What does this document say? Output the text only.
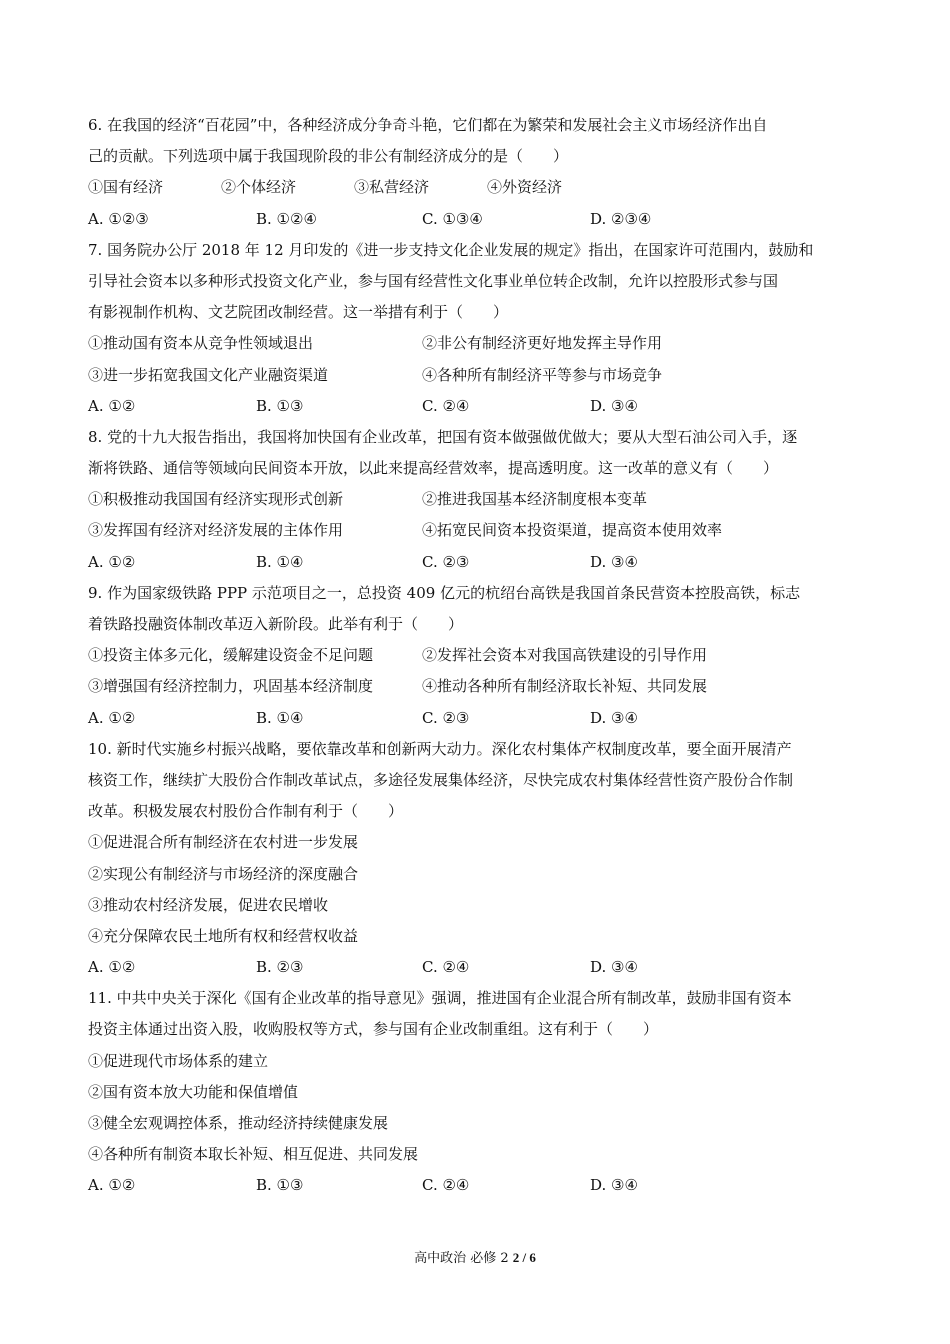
6. 在我国的经济“百花园”中，各种经济成分争奇斗艳，它们都在为繁荣和发展社会主义市场经济作出自
己的贡献。下列选项中属于我国现阶段的非公有制经济成分的是（　　）
①国有经济	②个体经济	③私营经济	④外资经济
A. ①②③	B. ①②④	C. ①③④	D. ②③④
7. 国务院办公厅 2018 年 12 月印发的《进一步支持文化企业发展的规定》指出，在国家许可范围内，鼓励和
引导社会资本以多种形式投资文化产业，参与国有经营性文化事业单位转企改制，允许以控股形式参与国
有影视制作机构、文艺院团改制经营。这一举措有利于（　　）
①推动国有资本从竞争性领域退出	②非公有制经济更好地发挥主导作用
③进一步拓宽我国文化产业融资渠道	④各种所有制经济平等参与市场竞争
A. ①②	B. ①③	C. ②④	D. ③④
8. 党的十九大报告指出，我国将加快国有企业改革，把国有资本做强做优做大；要从大型石油公司入手，逐
渐将铁路、通信等领域向民间资本开放，以此来提高经营效率，提高透明度。这一改革的意义有（　　）
①积极推动我国国有经济实现形式创新	②推进我国基本经济制度根本变革
③发挥国有经济对经济发展的主体作用	④拓宽民间资本投资渠道，提高资本使用效率
A. ①②	B. ①④	C. ②③	D. ③④
9. 作为国家级铁路 PPP 示范项目之一，总投资 409 亿元的杭绍台高铁是我国首条民营资本控股高铁，标志
着铁路投融资体制改革迈入新阶段。此举有利于（　　）
①投资主体多元化，缓解建设资金不足问题	②发挥社会资本对我国高铁建设的引导作用
③增强国有经济控制力，巩固基本经济制度	④推动各种所有制经济取长补短、共同发展
A. ①②	B. ①④	C. ②③	D. ③④
10. 新时代实施乡村振兴战略，要依靠改革和创新两大动力。深化农村集体产权制度改革，要全面开展清产
核资工作，继续扩大股份合作制改革试点，多途径发展集体经济，尽快完成农村集体经营性资产股份合作制
改革。积极发展农村股份合作制有利于（　　）
①促进混合所有制经济在农村进一步发展
②实现公有制经济与市场经济的深度融合
③推动农村经济发展，促进农民增收
④充分保障农民土地所有权和经营权收益
A. ①②	B. ②③	C. ②④	D. ③④
11. 中共中央关于深化《国有企业改革的指导意见》强调，推进国有企业混合所有制改革，鼓励非国有资本
投资主体通过出资入股，收购股权等方式，参与国有企业改制重组。这有利于（　　）
①促进现代市场体系的建立
②国有资本放大功能和保值增值
③健全宏观调控体系，推动经济持续健康发展
④各种所有制资本取长补短、相互促进、共同发展
A. ①②	B. ①③	C. ②④	D. ③④
高中政治 必修 2 2 / 6
